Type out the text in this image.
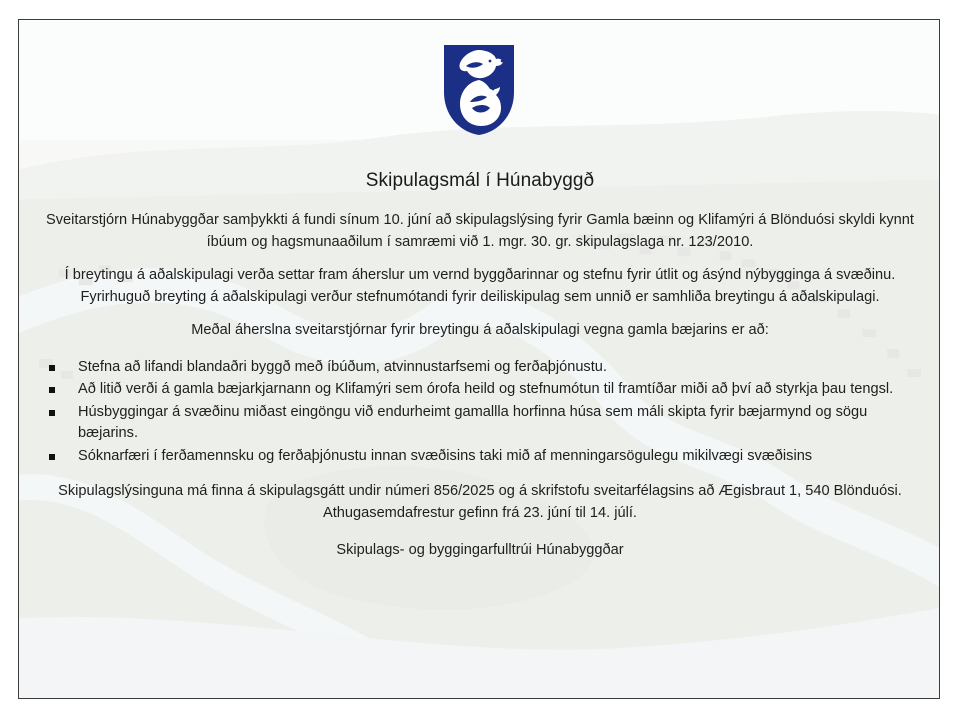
Skipulagsmál í Húnabyggð
Sveitarstjórn Húnabyggðar samþykkti á fundi sínum 10. júní að skipulagslýsing fyrir Gamla bæinn og Klifamýri á Blönduósi skyldi kynnt íbúum og hagsmunaaðilum í samræmi við 1. mgr. 30. gr. skipulagslaga nr. 123/2010.
Í breytingu á aðalskipulagi verða settar fram áherslur um vernd byggðarinnar og stefnu fyrir útlit og ásýnd nýbygginga á svæðinu. Fyrirhuguð breyting á aðalskipulagi verður stefnumótandi fyrir deiliskipulag sem unnið er samhliða breytingu á aðalskipulagi.
Meðal áherslna sveitarstjórnar fyrir breytingu á aðalskipulagi vegna gamla bæjarins er að:
Stefna að lifandi blandaðri byggð með íbúðum, atvinnustarfsemi og ferðaþjónustu.
Að litið verði á gamla bæjarkjarnann og Klifamýri sem órofa heild og stefnumótun til framtíðar miði að því að styrkja þau tengsl.
Húsbyggingar á svæðinu miðast eingöngu við endurheimt gamallla horfinna húsa sem máli skipta fyrir bæjarmynd og sögu bæjarins.
Sóknarfæri í ferðamennsku og ferðaþjónustu innan svæðisins taki mið af menningarsögulegu mikilvægi svæðisins
Skipulagslýsinguna má finna á skipulagsgátt undir númeri 856/2025 og á skrifstofu sveitarfélagsins að Ægisbraut 1, 540 Blönduósi. Athugasemdafrestur gefinn frá 23. júní til 14. júlí.
Skipulags- og byggingarfulltrúi Húnabyggðar
